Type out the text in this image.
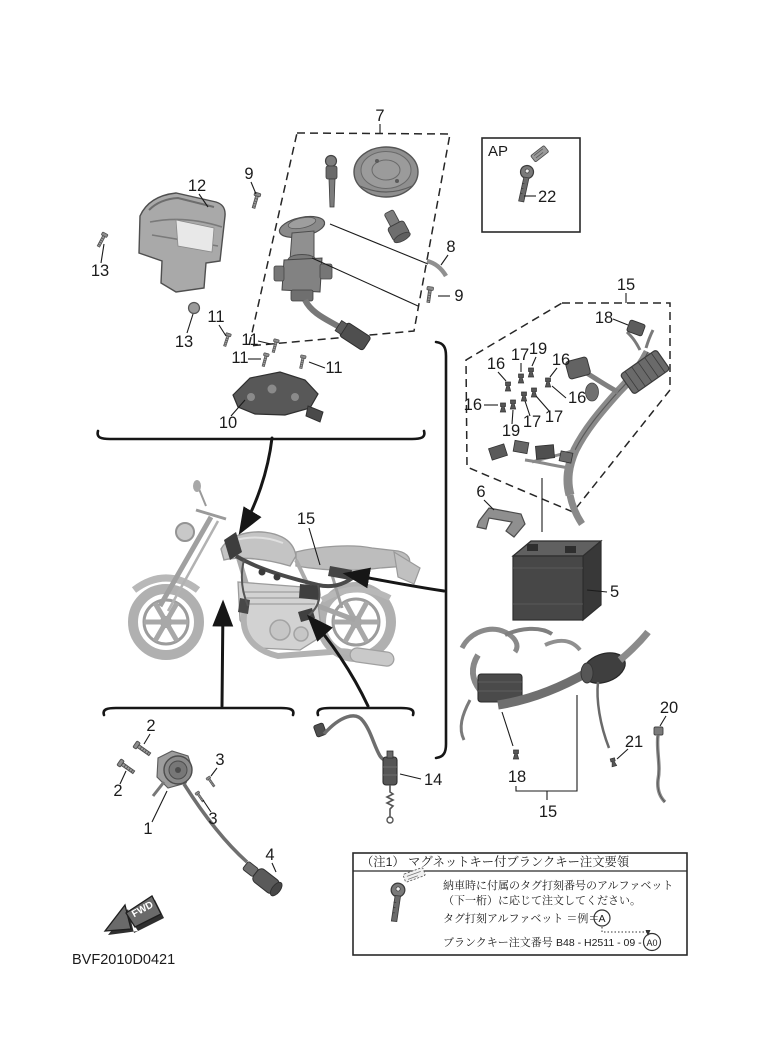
7
8
9
9
12
13
13
11
11
11
11
10
AP
22
15
16 17 19
16
16
16
19 17 17
18
6
5
15
18
15
21
20
2
2
3
3
1
4
14
（注1） マグネットキー付ブランクキー注文要領
納車時に付属のタグ打刻番号のアルファベット
（下一桁）に応じて注文してください。
タグ打刻アルファベット ＝例＝ A
ブランクキー注文番号 B48 - H2511 - 09 - A0
FWD
BVF2010D0421
